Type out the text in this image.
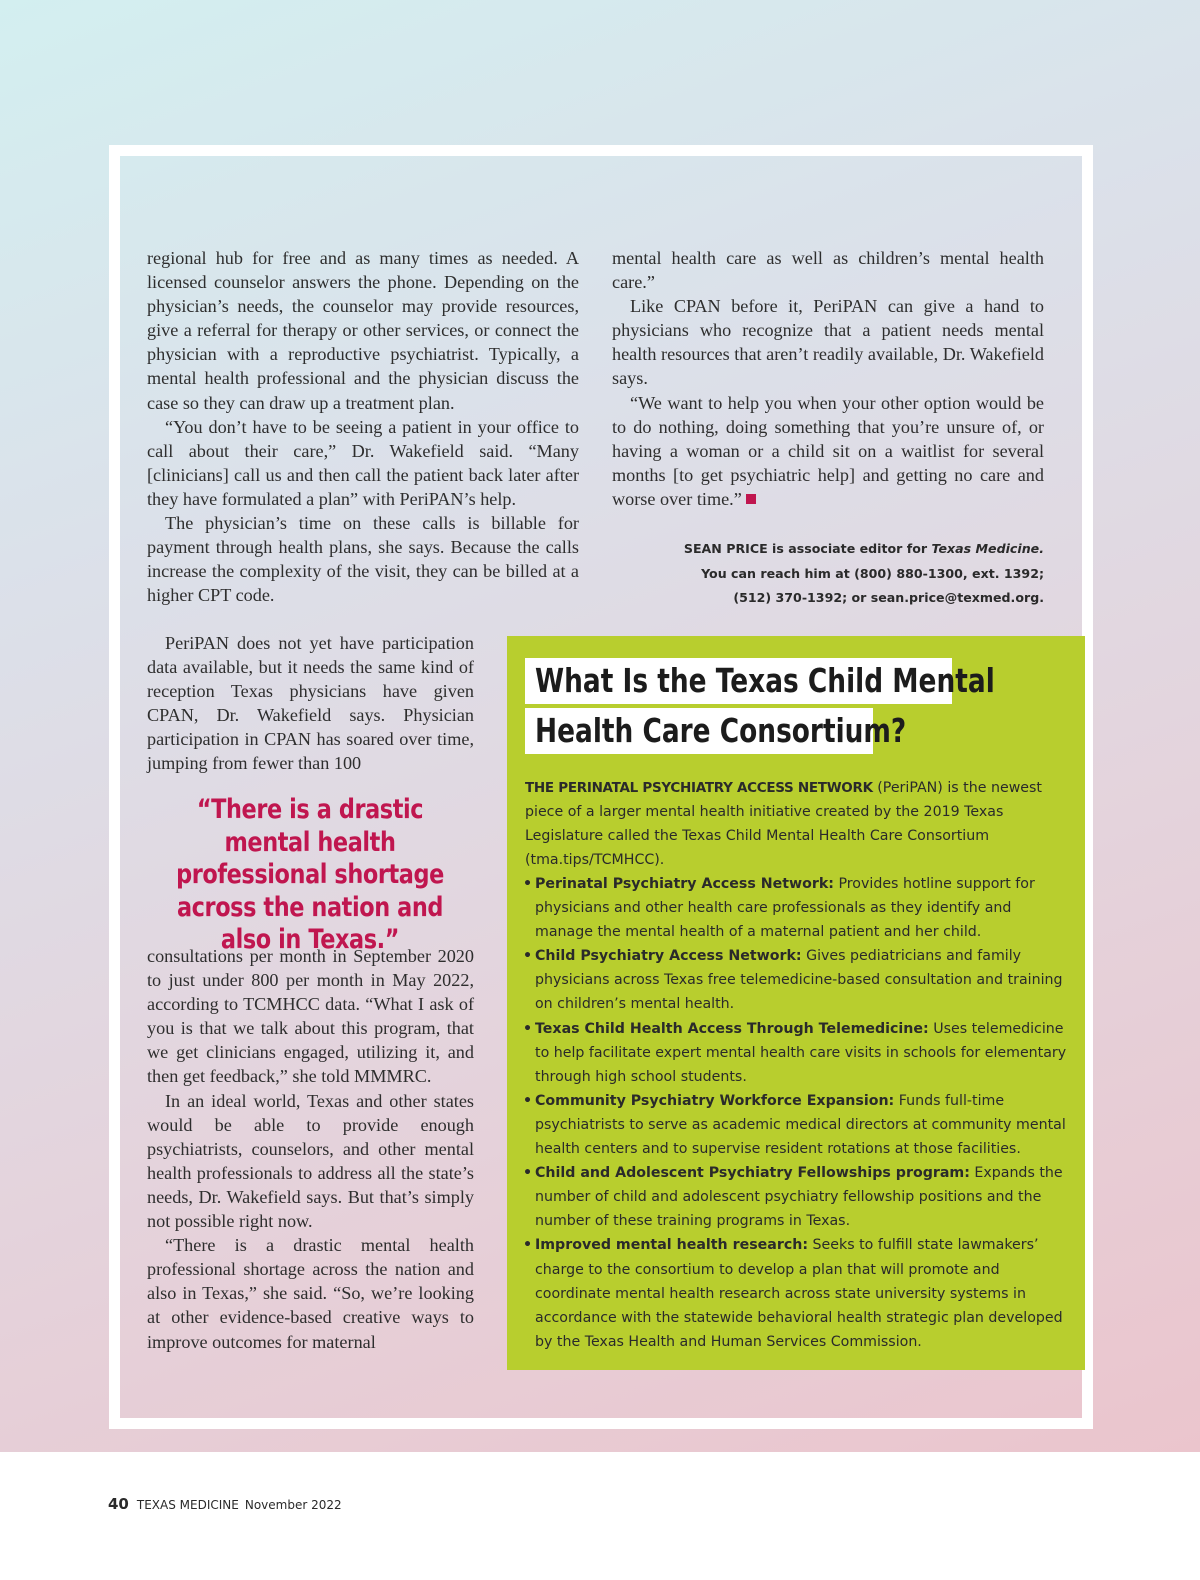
regional hub for free and as many times as needed. A licensed counselor answers the phone. Depending on the physician’s needs, the counselor may provide resources, give a referral for therapy or other services, or connect the physician with a reproductive psychiatrist. Typically, a mental health professional and the physician discuss the case so they can draw up a treatment plan.

“You don’t have to be seeing a patient in your office to call about their care,” Dr. Wakefield said. “Many [clinicians] call us and then call the patient back later after they have formulated a plan” with PeriPAN’s help.

The physician’s time on these calls is billable for payment through health plans, she says. Because the calls increase the complexity of the visit, they can be billed at a higher CPT code.

PeriPAN does not yet have participation data available, but it needs the same kind of reception Texas physicians have given CPAN, Dr. Wakefield says. Physician participation in CPAN has soared over time, jumping from fewer than 100

“There is a drastic mental health professional shortage across the nation and also in Texas.”

consultations per month in September 2020 to just under 800 per month in May 2022, according to TCMHCC data. “What I ask of you is that we talk about this program, that we get clinicians engaged, utilizing it, and then get feedback,” she told MMMRC.

In an ideal world, Texas and other states would be able to provide enough psychiatrists, counselors, and other mental health professionals to address all the state’s needs, Dr. Wakefield says. But that’s simply not possible right now.

“There is a drastic mental health professional shortage across the nation and also in Texas,” she said. “So, we’re looking at other evidence-based creative ways to improve outcomes for maternal

mental health care as well as children’s mental health care.”

Like CPAN before it, PeriPAN can give a hand to physicians who recognize that a patient needs mental health resources that aren’t readily available, Dr. Wakefield says.

“We want to help you when your other option would be to do nothing, doing something that you’re unsure of, or having a woman or a child sit on a waitlist for several months [to get psychiatric help] and getting no care and worse over time.”

SEAN PRICE is associate editor for Texas Medicine.
You can reach him at (800) 880-1300, ext. 1392;
(512) 370-1392; or sean.price@texmed.org.
What Is the Texas Child Mental
Health Care Consortium?
THE PERINATAL PSYCHIATRY ACCESS NETWORK (PeriPAN) is the newest piece of a larger mental health initiative created by the 2019 Texas Legislature called the Texas Child Mental Health Care Consortium (tma.tips/TCMHCC).
• Perinatal Psychiatry Access Network: Provides hotline support for physicians and other health care professionals as they identify and manage the mental health of a maternal patient and her child.
• Child Psychiatry Access Network: Gives pediatricians and family physicians across Texas free telemedicine-based consultation and training on children’s mental health.
• Texas Child Health Access Through Telemedicine: Uses telemedicine to help facilitate expert mental health care visits in schools for elementary through high school students.
• Community Psychiatry Workforce Expansion: Funds full-time psychiatrists to serve as academic medical directors at community mental health centers and to supervise resident rotations at those facilities.
• Child and Adolescent Psychiatry Fellowships program: Expands the number of child and adolescent psychiatry fellowship positions and the number of these training programs in Texas.
• Improved mental health research: Seeks to fulfill state lawmakers’ charge to the consortium to develop a plan that will promote and coordinate mental health research across state university systems in accordance with the statewide behavioral health strategic plan developed by the Texas Health and Human Services Commission.
40 TEXAS MEDICINE November 2022
